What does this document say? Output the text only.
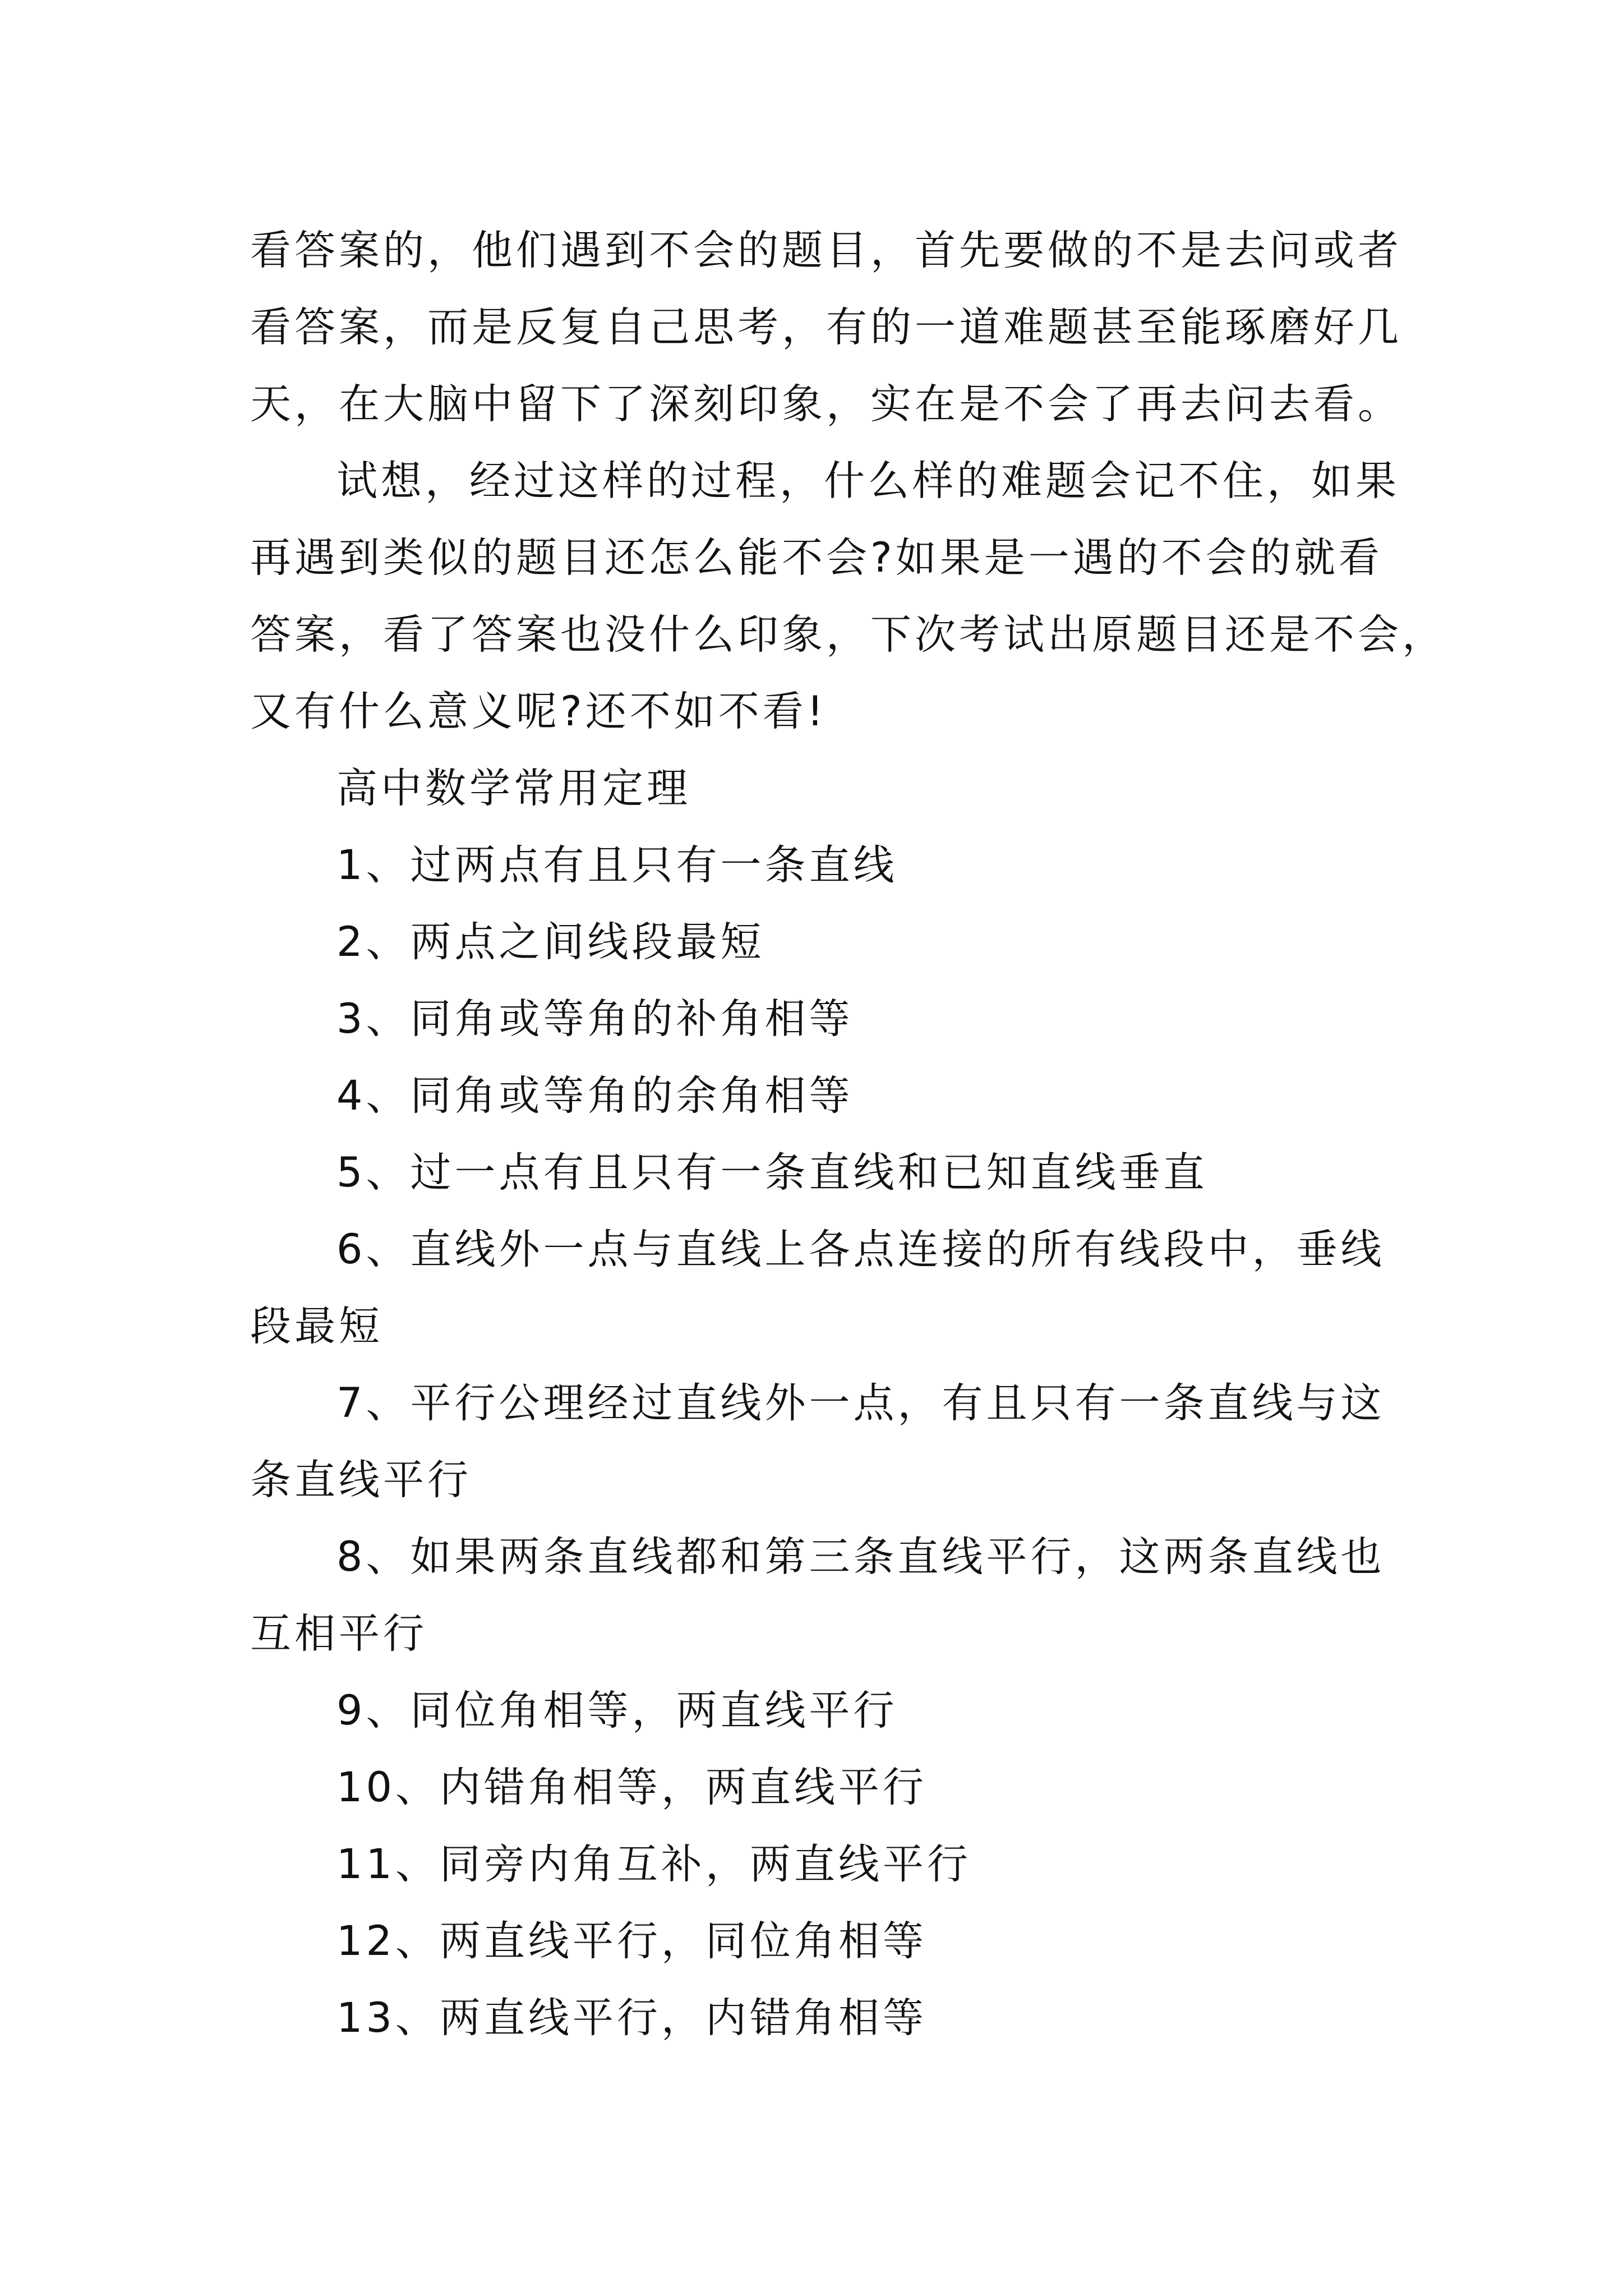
看答案的，他们遇到不会的题目，首先要做的不是去问或者
看答案，而是反复自己思考，有的一道难题甚至能琢磨好几
天，在大脑中留下了深刻印象，实在是不会了再去问去看。
试想，经过这样的过程，什么样的难题会记不住，如果
再遇到类似的题目还怎么能不会?如果是一遇的不会的就看
答案，看了答案也没什么印象，下次考试出原题目还是不会，
又有什么意义呢?还不如不看!
高中数学常用定理
1、过两点有且只有一条直线
2、两点之间线段最短
3、同角或等角的补角相等
4、同角或等角的余角相等
5、过一点有且只有一条直线和已知直线垂直
6、直线外一点与直线上各点连接的所有线段中，垂线
段最短
7、平行公理经过直线外一点，有且只有一条直线与这
条直线平行
8、如果两条直线都和第三条直线平行，这两条直线也
互相平行
9、同位角相等，两直线平行
10、内错角相等，两直线平行
11、同旁内角互补，两直线平行
12、两直线平行，同位角相等
13、两直线平行，内错角相等
